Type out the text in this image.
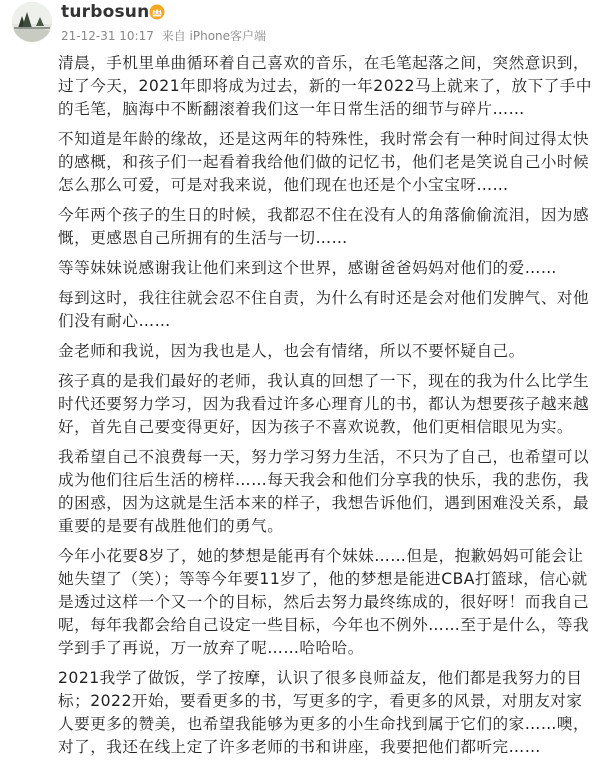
turbosun
21-12-31 10:17 来自 iPhone客户端

清晨，手机里单曲循环着自己喜欢的音乐，在毛笔起落之间，突然意识到，过了今天，2021年即将成为过去，新的一年2022马上就来了，放下了手中的毛笔，脑海中不断翻滚着我们这一年日常生活的细节与碎片……

不知道是年龄的缘故，还是这两年的特殊性，我时常会有一种时间过得太快的感概，和孩子们一起看着我给他们做的记忆书，他们老是笑说自己小时候怎么那么可爱，可是对我来说，他们现在也还是个小宝宝呀……

今年两个孩子的生日的时候，我都忍不住在没有人的角落偷偷流泪，因为感慨，更感恩自己所拥有的生活与一切……

等等妹妹说感谢我让他们来到这个世界，感谢爸爸妈妈对他们的爱……

每到这时，我往往就会忍不住自责，为什么有时还是会对他们发脾气、对他们没有耐心……

金老师和我说，因为我也是人，也会有情绪，所以不要怀疑自己。

孩子真的是我们最好的老师，我认真的回想了一下，现在的我为什么比学生时代还要努力学习，因为我看过许多心理育儿的书，都认为想要孩子越来越好，首先自己要变得更好，因为孩子不喜欢说教，他们更相信眼见为实。

我希望自己不浪费每一天，努力学习努力生活，不只为了自己，也希望可以成为他们往后生活的榜样……每天我会和他们分享我的快乐，我的悲伤，我的困惑，因为这就是生活本来的样子，我想告诉他们，遇到困难没关系，最重要的是要有战胜他们的勇气。

今年小花要8岁了，她的梦想是能再有个妹妹……但是，抱歉妈妈可能会让她失望了（笑）；等等今年要11岁了，他的梦想是能进CBA打篮球，信心就是透过这样一个又一个的目标，然后去努力最终练成的，很好呀！而我自己呢，每年我都会给自己设定一些目标，今年也不例外……至于是什么，等我学到手了再说，万一放弃了呢……哈哈哈。

2021我学了做饭，学了按摩，认识了很多良师益友，他们都是我努力的目标；2022开始，要看更多的书，写更多的字，看更多的风景，对朋友对家人要更多的赞美，也希望我能够为更多的小生命找到属于它们的家……噢，对了，我还在线上定了许多老师的书和讲座，我要把他们都听完……
